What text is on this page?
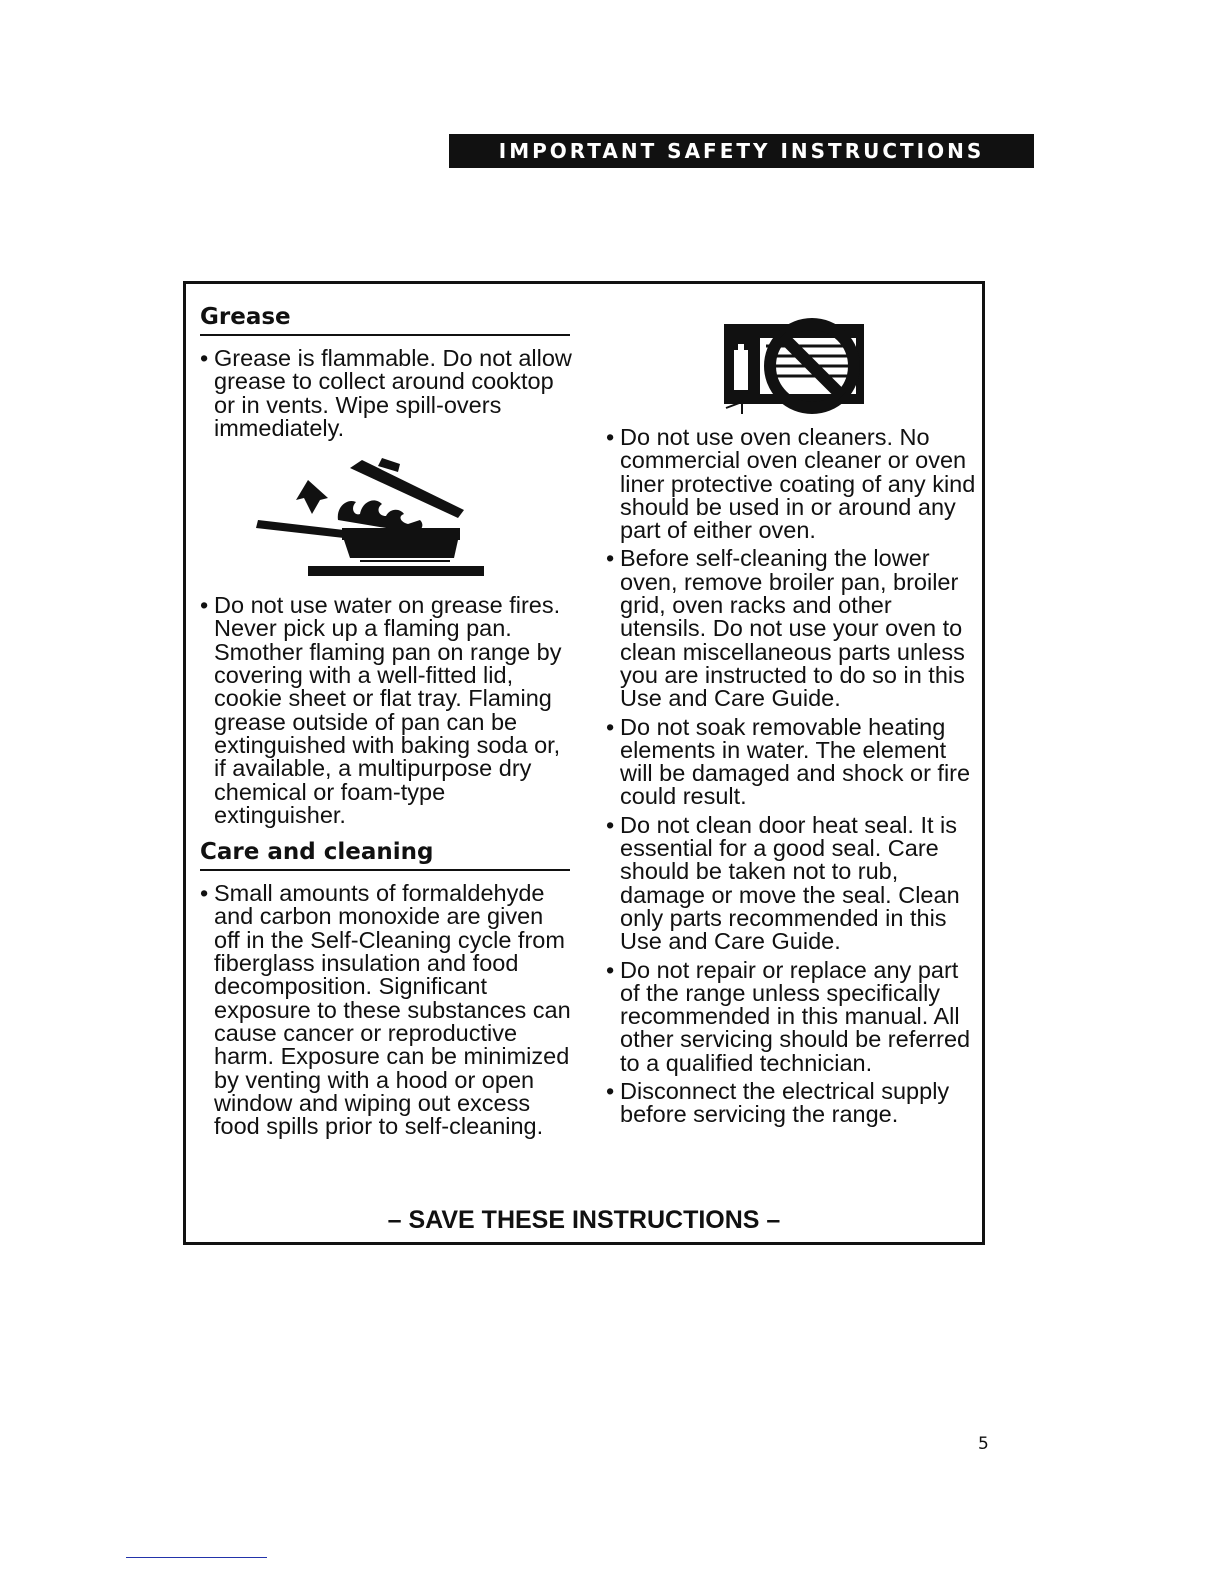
IMPORTANT SAFETY INSTRUCTIONS
Grease

• Grease is flammable. Do not allow grease to collect around cooktop or in vents. Wipe spill-overs immediately.

• Do not use water on grease fires. Never pick up a flaming pan. Smother flaming pan on range by covering with a well-fitted lid, cookie sheet or flat tray. Flaming grease outside of pan can be extinguished with baking soda or, if available, a multipurpose dry chemical or foam-type extinguisher.

Care and cleaning

• Small amounts of formaldehyde and carbon monoxide are given off in the Self-Cleaning cycle from fiberglass insulation and food decomposition. Significant exposure to these substances can cause cancer or reproductive harm. Exposure can be minimized by venting with a hood or open window and wiping out excess food spills prior to self-cleaning.

• Do not use oven cleaners. No commercial oven cleaner or oven liner protective coating of any kind should be used in or around any part of either oven.

• Before self-cleaning the lower oven, remove broiler pan, broiler grid, oven racks and other utensils. Do not use your oven to clean miscellaneous parts unless you are instructed to do so in this Use and Care Guide.

• Do not soak removable heating elements in water. The element will be damaged and shock or fire could result.

• Do not clean door heat seal. It is essential for a good seal. Care should be taken not to rub, damage or move the seal. Clean only parts recommended in this Use and Care Guide.

• Do not repair or replace any part of the range unless specifically recommended in this manual. All other servicing should be referred to a qualified technician.

• Disconnect the electrical supply before servicing the range.

– SAVE THESE INSTRUCTIONS –
5
